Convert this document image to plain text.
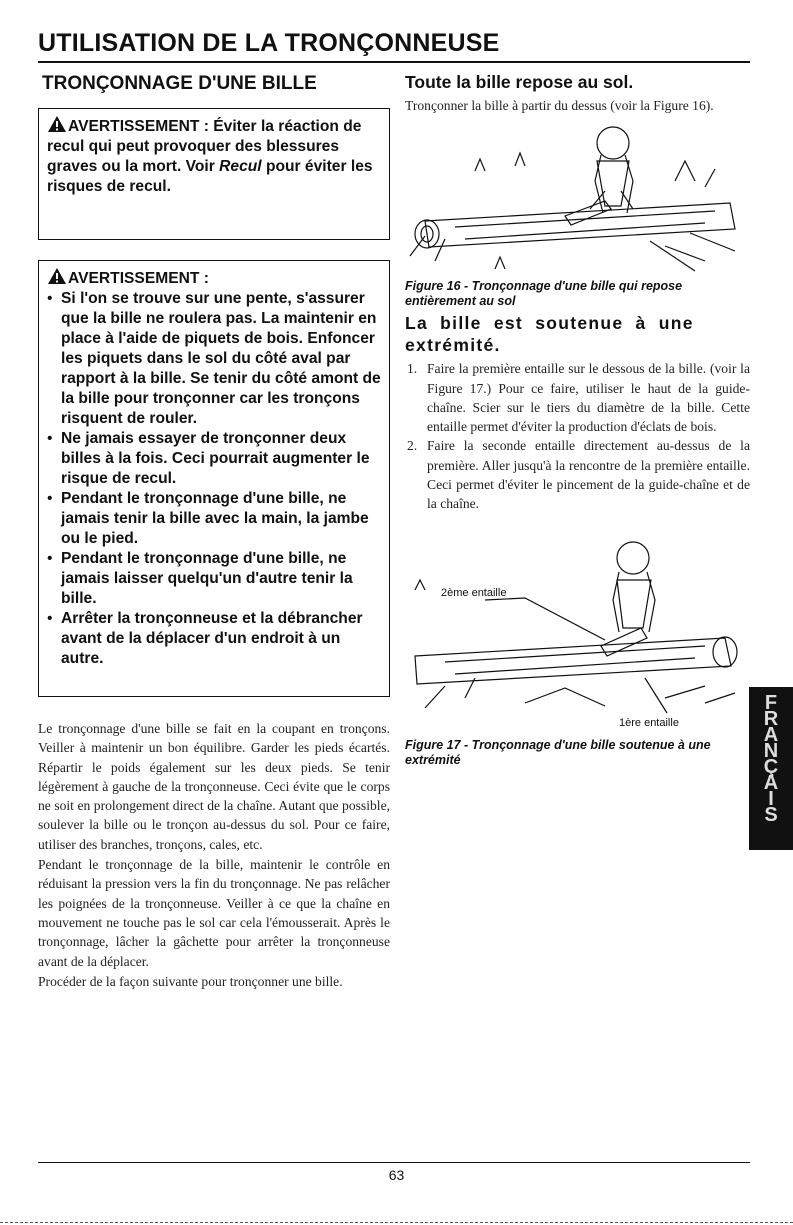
UTILISATION DE LA TRONÇONNEUSE
TRONÇONNAGE D'UNE BILLE
AVERTISSEMENT : Éviter la réaction de recul qui peut provoquer des blessures graves ou la mort. Voir Recul pour éviter les risques de recul.
AVERTISSEMENT :
• Si l'on se trouve sur une pente, s'assurer que la bille ne roulera pas. La maintenir en place à l'aide de piquets de bois. Enfoncer les piquets dans le sol du côté aval par rapport à la bille. Se tenir du côté amont de la bille pour tronçonner car les tronçons risquent de rouler.
• Ne jamais essayer de tronçonner deux billes à la fois. Ceci pourrait augmenter le risque de recul.
• Pendant le tronçonnage d'une bille, ne jamais tenir la bille avec la main, la jambe ou le pied.
• Pendant le tronçonnage d'une bille, ne jamais laisser quelqu'un d'autre tenir la bille.
• Arrêter la tronçonneuse et la débrancher avant de la déplacer d'un endroit à un autre.

Le tronçonnage d'une bille se fait en la coupant en tronçons. Veiller à maintenir un bon équilibre. Garder les pieds écartés. Répartir le poids également sur les deux pieds. Se tenir légèrement à gauche de la tronçonneuse. Ceci évite que le corps ne soit en prolongement direct de la chaîne. Autant que possible, soulever la bille ou le tronçon au-dessus du sol. Pour ce faire, utiliser des branches, tronçons, cales, etc.

Pendant le tronçonnage de la bille, maintenir le contrôle en réduisant la pression vers la fin du tronçonnage. Ne pas relâcher les poignées de la tronçonneuse. Veiller à ce que la chaîne en mouvement ne touche pas le sol car cela l'émousserait. Après le tronçonnage, lâcher la gâchette pour arrêter la tronçonneuse avant de la déplacer.

Procéder de la façon suivante pour tronçonner une bille.

Toute la bille repose au sol.
Tronçonner la bille à partir du dessus (voir la Figure 16).
Figure 16 - Tronçonnage d'une bille qui repose entièrement au sol
La bille est soutenue à une extrémité.
1. Faire la première entaille sur le dessous de la bille. (voir la Figure 17.) Pour ce faire, utiliser le haut de la guide-chaîne. Scier sur le tiers du diamètre de la bille. Cette entaille permet d'éviter la production d'éclats de bois.
2. Faire la seconde entaille directement au-dessus de la première. Aller jusqu'à la rencontre de la première entaille. Ceci permet d'éviter le pincement de la guide-chaîne et de la chaîne.
2ème entaille
1ère entaille
Figure 17 - Tronçonnage d'une bille soutenue à une extrémité
F
R
A
N
Ç
A
I
S
63
